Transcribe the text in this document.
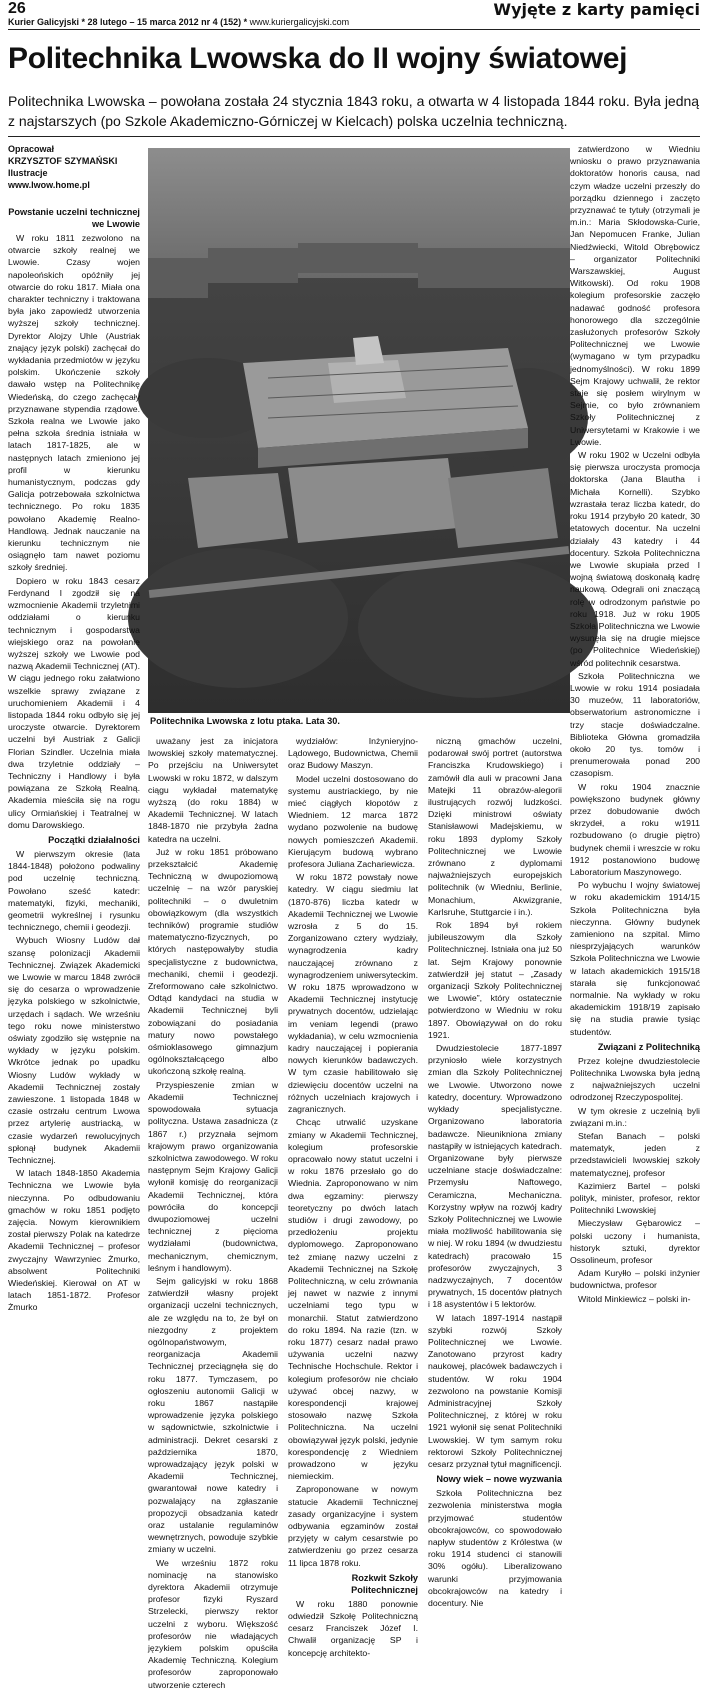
26	Wyjęte z karty pamięci
Kurier Galicyjski * 28 lutego – 15 marca 2012 nr 4 (152) * www.kuriergalicyjski.com
Politechnika Lwowska do II wojny światowej
Politechnika Lwowska – powołana została 24 stycznia 1843 roku, a otwarta w 4 listopada 1844 roku. Była jedną z najstarszych (po Szkole Akademiczno-Górniczej w Kielcach) polska uczelnia techniczną.
Opracował
KRZYSZTOF SZYMAŃSKI
Ilustracje
www.lwow.home.pl
Politechnika Lwowska z lotu ptaka. Lata 30.
Powstanie uczelni technicznej we Lwowie

W roku 1811 zezwolono na otwarcie szkoły realnej we Lwowie. Czasy wojen napoleońskich opóźniły jej otwarcie do roku 1817. Miała ona charakter techniczny i traktowana była jako zapowiedź utworzenia wyższej szkoły technicznej. Dyrektor Alojzy Uhle (Austriak znający język polski) zachęcał do wykładania przedmiotów w języku polskim. Ukończenie szkoły dawało wstęp na Politechnikę Wiedeńską, do czego zachęcały przyznawane stypendia rządowe. Szkoła realna we Lwowie jako pełna szkoła średnia istniała w latach 1817-1825, ale w następnych latach zmieniono jej profil w kierunku humanistycznym, podczas gdy Galicja potrzebowała szkolnictwa technicznego. Po roku 1835 powołano Akademię Realno-Handlową. Jednak nauczanie na kierunku technicznym nie osiągnęło tam nawet poziomu szkoły średniej.

Dopiero w roku 1843 cesarz Ferdynand I zgodził się na wzmocnienie Akademii trzyletnimi oddziałami o kierunku technicznym i gospodarstwa wiejskiego oraz na powołanie wyższej szkoły we Lwowie pod nazwą Akademii Technicznej (AT). W ciągu jednego roku załatwiono wszelkie sprawy związane z uruchomieniem Akademii i 4 listopada 1844 roku odbyło się jej uroczyste otwarcie. Dyrektorem uczelni był Austriak z Galicji Florian Szindler. Uczelnia miała dwa trzyletnie oddziały – Techniczny i Handlowy i była powiązana ze Szkołą Realną. Akademia mieściła się na rogu ulicy Ormiańskiej i Teatralnej w domu Darowskiego.

Początki działalności

W pierwszym okresie (lata 1844-1848) położono podwaliny pod uczelnię techniczną. Powołano sześć katedr: matematyki, fizyki, mechaniki, geometrii wykreślnej i rysunku technicznego, chemii i geodezji.

Wybuch Wiosny Ludów dał szansę polonizacji Akademii Technicznej. Związek Akademicki we Lwowie w marcu 1848 zwrócił się do cesarza o wprowadzenie języka polskiego w szkolnictwie, urzędach i sądach. We wrześniu tego roku nowe ministerstwo oświaty zgodziło się wstępnie na wykłady w języku polskim. Wkrótce jednak po upadku Wiosny Ludów wykłady w Akademii Technicznej zostały zawieszone. 1 listopada 1848 w czasie ostrzału centrum Lwowa przez artylerię austriacką, w czasie wydarzeń rewolucyjnych spłonął budynek Akademii Technicznej.

W latach 1848-1850 Akademia Techniczna we Lwowie była nieczynna. Po odbudowaniu gmachów w roku 1851 podjęto zajęcia. Nowym kierownikiem został pierwszy Polak na katedrze Akademii Technicznej – profesor zwyczajny Wawrzyniec Żmurko, absolwent Politechniki Wiedeńskiej. Kierował on AT w latach 1851-1872. Profesor Żmurko

uważany jest za inicjatora lwowskiej szkoły matematycznej. Po przejściu na Uniwersytet Lwowski w roku 1872, w dalszym ciągu wykładał matematykę wyższą (do roku 1884) w Akademii Technicznej. W latach 1848-1870 nie przybyła żadna katedra na uczelni.

Już w roku 1851 próbowano przekształcić Akademię Techniczną w dwupoziomową uczelnię – na wzór paryskiej politechniki – o dwuletnim obowiązkowym (dla wszystkich techników) programie studiów matematyczno-fizycznych, po których następowałyby studia specjalistyczne z budownictwa, mechaniki, chemii i geodezji. Zreformowano całe szkolnictwo. Odtąd kandydaci na studia w Akademii Technicznej byli zobowiązani do posiadania matury nowo powstałego ośmioklasowego gimnazjum ogólnokształcącego albo ukończoną szkołę realną.

Przyspieszenie zmian w Akademii Technicznej spowodowała sytuacja polityczna. Ustawa zasadnicza (z 1867 r.) przyznała sejmom krajowym prawo organizowania szkolnictwa zawodowego. W roku następnym Sejm Krajowy Galicji wyłonił komisję do reorganizacji Akademii Technicznej, która powróciła do koncepcji dwupoziomowej uczelni technicznej z pięcioma wydziałami (budownictwa, mechanicznym, chemicznym, leśnym i handlowym).

Sejm galicyjski w roku 1868 zatwierdził własny projekt organizacji uczelni technicznych, ale ze względu na to, że był on niezgodny z projektem ogólnopaństwowym, reorganizacja Akademii Technicznej przeciągnęła się do roku 1877. Tymczasem, po ogłoszeniu autonomii Galicji w roku 1867 nastąpiłe wprowadzenie języka polskiego w sądownictwie, szkolnictwie i administracji. Dekret cesarski z październikа 1870, wprowadzający język polski w Akademii Technicznej, gwarantował nowe katedry i pozwalający na zgłaszanie propozycji obsadzania katedr oraz ustalanie regulaminów wewnętrznych, powoduje szybkie zmiany w uczelni.

We wrześniu 1872 roku nominację na stanowisko dyrektora Akademii otrzymuje profesor fizyki Ryszard Strzelecki, pierwszy rektor uczelni z wyboru. Większość profesorów nie władających językiem polskim opuściła Akademię Techniczną. Kolegium profesorów zaproponowało utworzenie czterech

wydziałów: Inżynieryjno-Lądowego, Budownictwa, Chemii oraz Budowy Maszyn.

Model uczelni dostosowano do systemu austriackiego, by nie mieć ciągłych kłopotów z Wiedniem. 12 marca 1872 wydano pozwolenie na budowę nowych pomieszczeń Akademii. Kierującym budową wybrano profesora Juliana Zachariewicza.

W roku 1872 powstały nowe katedry. W ciągu siedmiu lat (1870-876) liczba katedr w Akademii Technicznej we Lwowie wzrosła z 5 do 15. Zorganizowano cztery wydziały, wynagrodzenia kadry nauczającej zrównano z wynagrodzeniem uniwersyteckim. W roku 1875 wprowadzono w Akademii Technicznej instytucję prywatnych docentów, udzielając im veniam legendi (prawo wykładania), w celu wzmocnienia kadry nauczającej i popierania nowych kierunków badawczych. W tym czasie habilitowało się dziewięciu docentów uczelni na różnych uczelniach krajowych i zagranicznych.

Chcąc utrwalić uzyskane zmiany w Akademii Technicznej, kolegium profesorskie opracowało nowy statut uczelni i w roku 1876 przesłało go do Wiednia. Zaproponowano w nim dwa egzaminy: pierwszy teoretyczny po dwóch latach studiów i drugi zawodowy, po przedłożeniu projektu dyplomowego. Zaproponowano też zmianę nazwy uczelni z Akademii Technicznej na Szkołę Politechniczną, w celu zrównania jej nawet w nazwie z innymi uczelniami tego typu w monarchii. Statut zatwierdzono do roku 1894. Na razie (tzn. w roku 1877) cesarz nadał prawo używania uczelni nazwy Technische Hochschule. Rektor i kolegium profesorów nie chciało używać obcej nazwy, w korespondencji krajowej stosowało nazwę Szkoła Politechniczna. Na uczelni obowiązywał język polski, jedynie korespondencję z Wiedniem prowadzono w języku niemieckim.

Zaproponowane w nowym statucie Akademii Technicznej zasady organizacyjne i system odbywania egzaminów został przyjęty w całym cesarstwie po zatwierdzeniu go przez cesarza 11 lipca 1878 roku.

Rozkwit Szkoły Politechnicznej

W roku 1880 ponownie odwiedził Szkołę Politechniczną cesarz Franciszek Józef I. Chwalił organizację SP i koncepcję architekto-

niczną gmachów uczelni, podarował swój portret (autorstwa Franciszka Krudowskiego) i zamówił dla auli w pracowni Jana Matejki 11 obrazów-alegorii ilustrujących rozwój ludzkości. Dzięki ministrowi oświaty Stanisławowi Madejskiemu, w roku 1893 dyplomy Szkoły Politechnicznej we Lwowie zrównano z dyplomami najważniejszych europejskich politechnik (w Wiedniu, Berlinie, Monachium, Akwizgranie, Karlsruhe, Stuttgarcie i in.).

Rok 1894 był rokiem jubileuszowym dla Szkoły Politechnicznej. Istniała ona już 50 lat. Sejm Krajowy ponownie zatwierdził jej statut – „Zasady organizacji Szkoły Politechnicznej we Lwowie”, który ostatecznie potwierdzono w Wiedniu w roku 1897. Obowiązywał on do roku 1921.

Dwudziestolecie 1877-1897 przyniosło wiele korzystnych zmian dla Szkoły Politechnicznej we Lwowie. Utworzono nowe katedry, docentury. Wprowadzono wykłady specjalistyczne. Organizowano laboratoria badawcze. Nieunikniona zmiany nastąpiły w istniejących katedrach. Organizowane były pierwsze uczelniane stacje doświadczalne: Przemysłu Naftowego, Ceramiczna, Mechaniczna. Korzystny wpływ na rozwój kadry Szkoły Politechnicznej we Lwowie miała możliwość habilitowania się w niej. W roku 1894 (w dwudziestu katedrach) pracowało 15 profesorów zwyczajnych, 3 nadzwyczajnych, 7 docentów prywatnych, 15 docentów płatnych i 18 asystentów i 5 lektorów.

W latach 1897-1914 nastąpił szybki rozwój Szkoły Politechnicznej we Lwowie. Zanotowano przyrost kadry naukowej, placówek badawczych i studentów. W roku 1904 zezwolono na powstanie Komisji Administracyjnej Szkoły Politechnicznej, z której w roku 1921 wyłonił się senat Politechniki Lwowskiej. W tym samym roku rektorowi Szkoły Politechnicznej cesarz przyznał tytuł magnificencji.

Nowy wiek – nowe wyzwania

Szkoła Politechniczna bez zezwolenia ministerstwa mogła przyjmować studentów obcokrajowców, co spowodowało napływ studentów z Królestwa (w roku 1914 studenci ci stanowili 30% ogółu). Liberalizowano warunki przyjmowania obcokrajowców na katedry i docentury. Nie

zatwierdzono w Wiedniu wniosku o prawo przyznawania doktoratów honoris causa, nad czym władze uczelni przeszły do porządku dziennego i zaczęto przyznawać te tytuły (otrzymali je m.in.: Maria Skłodowska-Curie, Jan Nepomucen Franke, Julian Niedźwiecki, Witold Obrębowicz – organizator Politechniki Warszawskiej, August Witkowski). Od roku 1908 kolegium profesorskie zaczęło nadawać godność profesora honorowego dla szczególnie zasłużonych profesorów Szkoły Politechnicznej we Lwowie (wymagano w tym przypadku jednomyślności). W roku 1899 Sejm Krajowy uchwalił, że rektor staje się posłem wirylnym w Sejmie, co było zrównaniem Szkoły Politechnicznej z Uniwersytetami w Krakowie i we Lwowie.

W roku 1902 w Uczelni odbyła się pierwsza uroczysta promocja doktorska (Jana Blautha i Michała Kornelli). Szybko wzrastała teraz liczba katedr, do roku 1914 przybyło 20 katedr, 30 etatowych docentur. Na uczelni działały 43 katedry i 44 docentury. Szkoła Politechniczna we Lwowie skupiała przed I wojną światową doskonałą kadrę naukową. Odegrali oni znaczącą rolę w odrodzonym państwie po roku 1918. Już w roku 1905 Szkoła Politechniczna we Lwowie wysunęła się na drugie miejsce (po Politechnice Wiedeńskiej) wśród politechnik cesarstwa.

Szkoła Politechniczna we Lwowie w roku 1914 posiadała 30 muzeów, 11 laboratoriów, obserwatorium astronomiczne i trzy stacje doświadczalne. Biblioteka Główna gromadziła około 20 tys. tomów i prenumerowała ponad 200 czasopism.

W roku 1904 znacznie powiększono budynek główny przez dobudowanie dwóch skrzydeł, a roku w1911 rozbudowano (o drugie piętro) budynek chemii i wreszcie w roku 1912 postanowiono budowę Laboratorium Maszynowego.

Po wybuchu I wojny światowej w roku akademickim 1914/15 Szkoła Politechniczna była nieczynna. Główny budynek zamieniono na szpital. Mimo niesprzyjających warunków Szkoła Politechniczna we Lwowie w latach akademickich 1915/18 starała się funkcjonować normalnie. Na wykłady w roku akademickim 1918/19 zapisało się na studia prawie tysiąc studentów.

Związani z Politechniką

Przez kolejne dwudziestolecie Politechnika Lwowska była jedną z najważniejszych uczelni odrodzonej Rzeczypospolitej.

W tym okresie z uczelnią byli związani m.in.:

Stefan Banach – polski matematyk, jeden z przedstawicieli lwowskiej szkoły matematycznej, profesor

Kazimierz Bartel – polski polityk, minister, profesor, rektor Politechniki Lwowskiej

Mieczysław Gębarowicz – polski uczony i humanista, historyk sztuki, dyrektor Ossolineum, profesor

Adam Kuryłło – polski inżynier budownictwa, profesor

Witold Minkiewicz – polski in-
